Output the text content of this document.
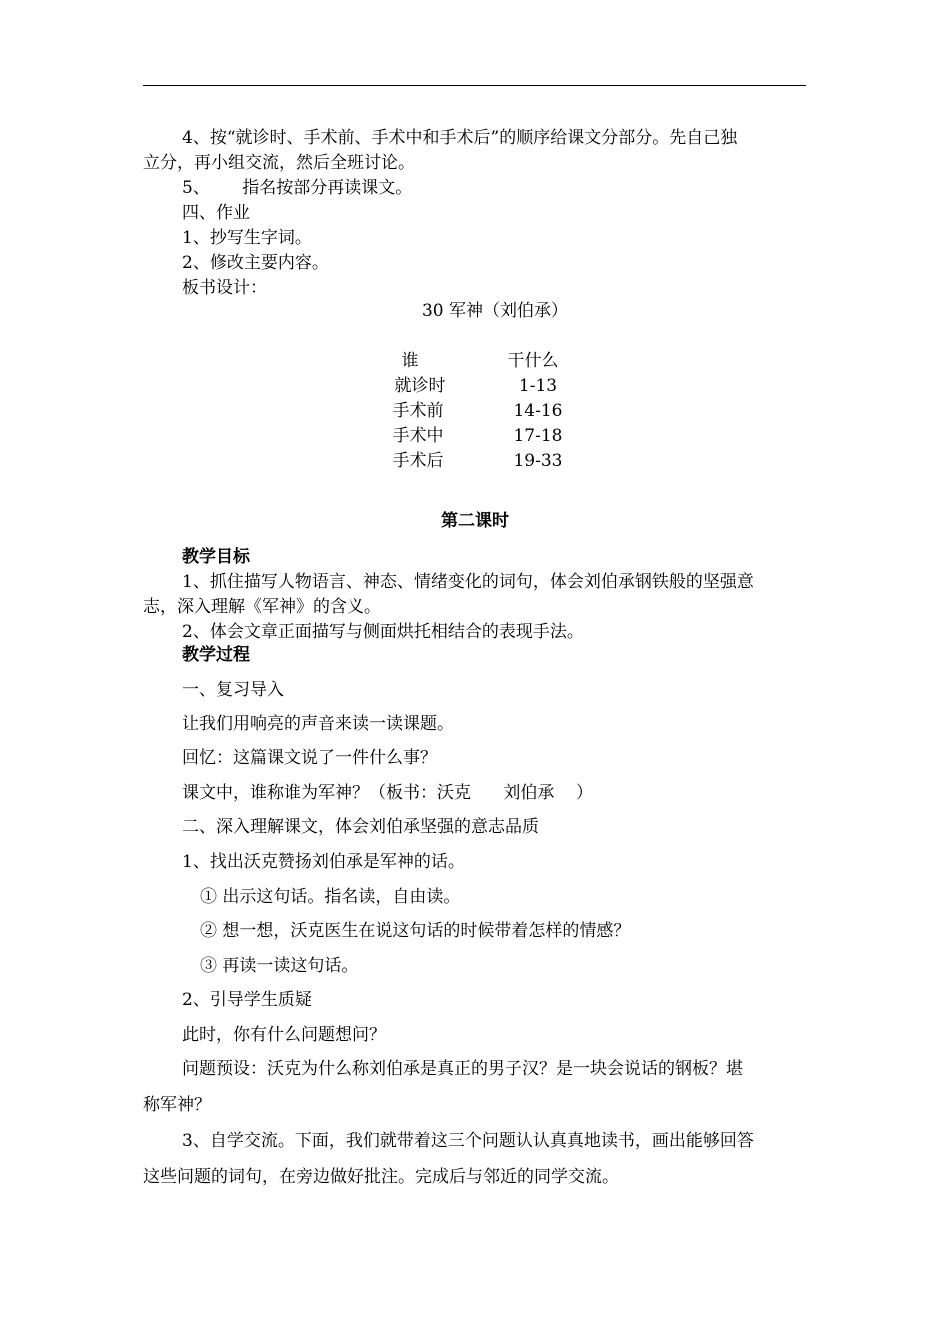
4、按“就诊时、手术前、手术中和手术后”的顺序给课文分部分。先自己独
立分，再小组交流，然后全班讨论。
5、      指名按部分再读课文。
四、作业
1、抄写生字词。
2、修改主要内容。
板书设计：
30 军神（刘伯承）
谁	干什么
就诊时	1-13
手术前	14-16
手术中	17-18
手术后	19-33
第二课时
教学目标
1、抓住描写人物语言、神态、情绪变化的词句，体会刘伯承钢铁般的坚强意
志，深入理解《军神》的含义。
2、体会文章正面描写与侧面烘托相结合的表现手法。
教学过程
一、复习导入
让我们用响亮的声音来读一读课题。
回忆：这篇课文说了一件什么事？
课文中，谁称谁为军神？（板书：沃克      刘伯承    ）
二、深入理解课文，体会刘伯承坚强的意志品质
1、找出沃克赞扬刘伯承是军神的话。
① 出示这句话。指名读，自由读。
② 想一想，沃克医生在说这句话的时候带着怎样的情感？
③ 再读一读这句话。
2、引导学生质疑
此时，你有什么问题想问？
问题预设：沃克为什么称刘伯承是真正的男子汉？是一块会说话的钢板？堪
称军神？
3、自学交流。下面，我们就带着这三个问题认认真真地读书，画出能够回答
这些问题的词句，在旁边做好批注。完成后与邻近的同学交流。
